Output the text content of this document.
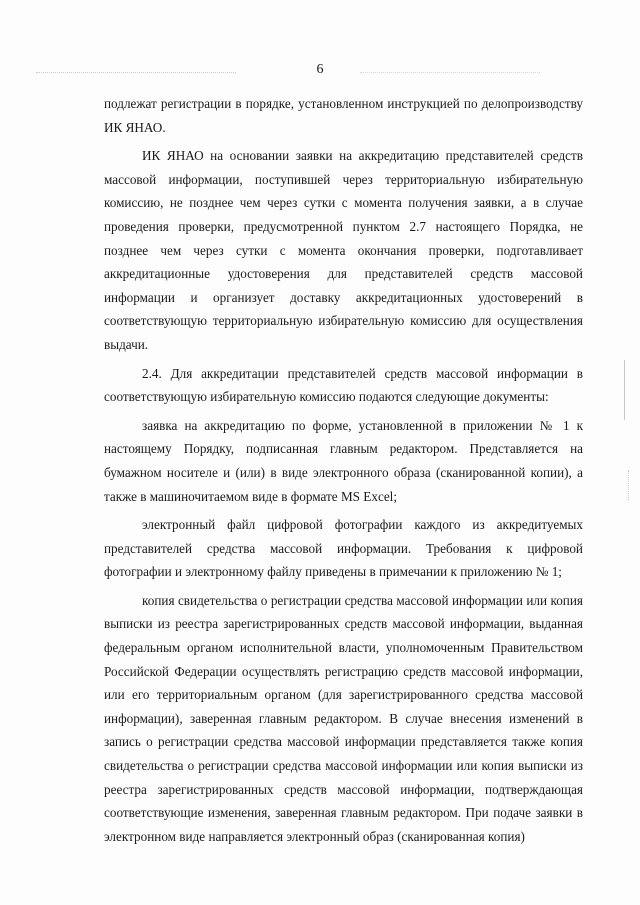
6
подлежат регистрации в порядке, установленном инструкцией по делопроизводству
ИК ЯНАО.
ИК ЯНАО на основании заявки на аккредитацию представителей средств
массовой информации, поступившей через территориальную избирательную
комиссию, не позднее чем через сутки с момента получения заявки, а в случае
проведения проверки, предусмотренной пунктом 2.7 настоящего Порядка, не
позднее чем через сутки с момента окончания проверки, подготавливает
аккредитационные удостоверения для представителей средств массовой
информации и организует доставку аккредитационных удостоверений в
соответствующую территориальную избирательную комиссию для осуществления
выдачи.
2.4. Для аккредитации представителей средств массовой информации в
соответствующую избирательную комиссию подаются следующие документы:
заявка на аккредитацию по форме, установленной в приложении № 1 к
настоящему Порядку, подписанная главным редактором. Представляется на
бумажном носителе и (или) в виде электронного образа (сканированной копии), а
также в машиночитаемом виде в формате MS Excel;
электронный файл цифровой фотографии каждого из аккредитуемых
представителей средства массовой информации. Требования к цифровой
фотографии и электронному файлу приведены в примечании к приложению № 1;
копия свидетельства о регистрации средства массовой информации или копия
выписки из реестра зарегистрированных средств массовой информации, выданная
федеральным органом исполнительной власти, уполномоченным Правительством
Российской Федерации осуществлять регистрацию средств массовой информации,
или его территориальным органом (для зарегистрированного средства массовой
информации), заверенная главным редактором. В случае внесения изменений в
запись о регистрации средства массовой информации представляется также копия
свидетельства о регистрации средства массовой информации или копия выписки из
реестра зарегистрированных средств массовой информации, подтверждающая
соответствующие изменения, заверенная главным редактором. При подаче заявки в
электронном виде направляется электронный образ (сканированная копия)
